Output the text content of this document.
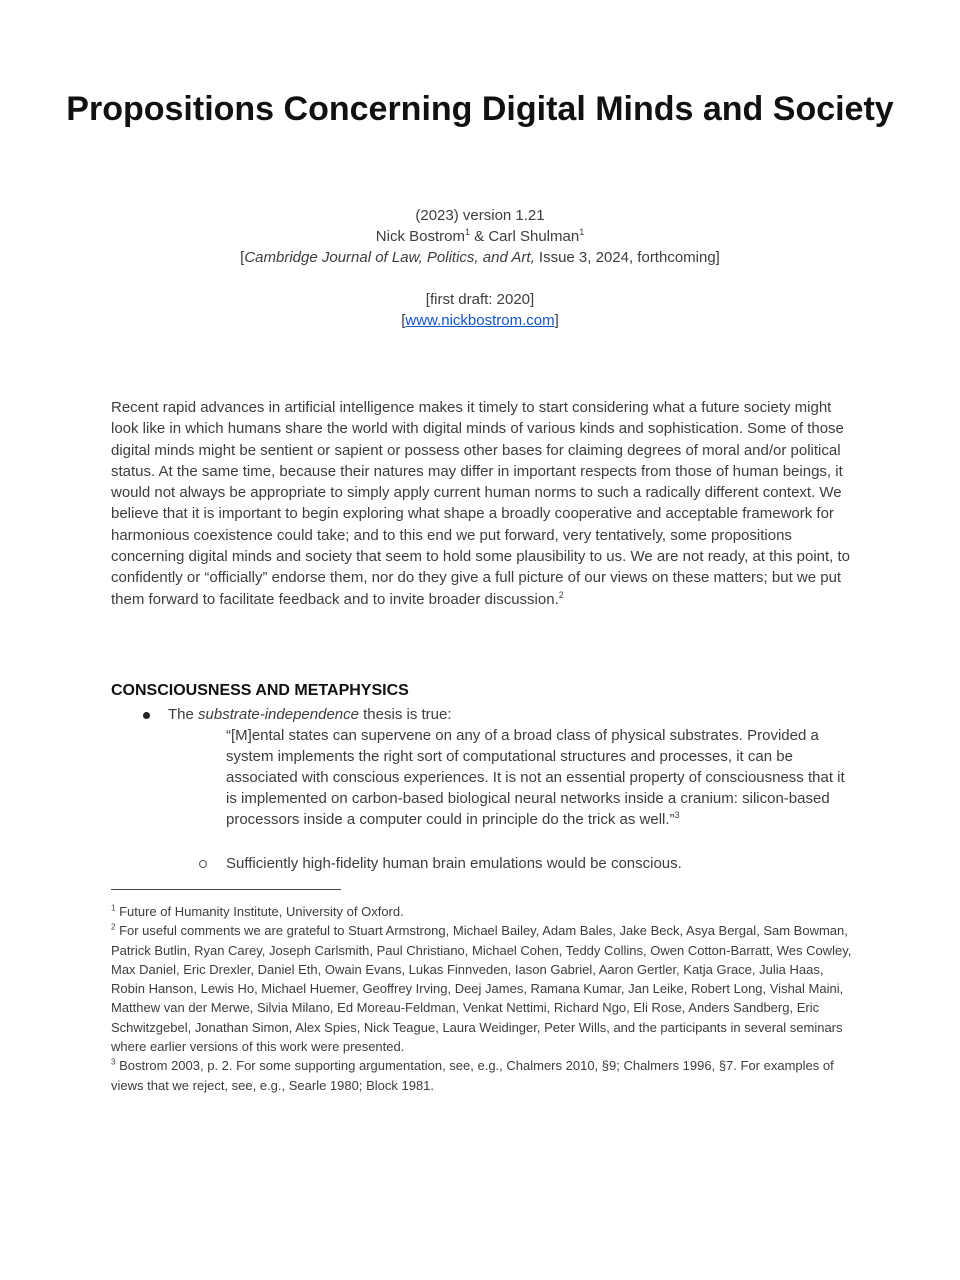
Propositions Concerning Digital Minds and Society
(2023) version 1.21
Nick Bostrom$^1$ & Carl Shulman$^1$
[Cambridge Journal of Law, Politics, and Art, Issue 3, 2024, forthcoming]
[first draft: 2020]
[www.nickbostrom.com]

Recent rapid advances in artificial intelligence makes it timely to start considering what a future society might look like in which humans share the world with digital minds of various kinds and sophistication. Some of those digital minds might be sentient or sapient or possess other bases for claiming degrees of moral and/or political status. At the same time, because their natures may differ in important respects from those of human beings, it would not always be appropriate to simply apply current human norms to such a radically different context. We believe that it is important to begin exploring what shape a broadly cooperative and acceptable framework for harmonious coexistence could take; and to this end we put forward, very tentatively, some propositions concerning digital minds and society that seem to hold some plausibility to us. We are not ready, at this point, to confidently or “officially” endorse them, nor do they give a full picture of our views on these matters; but we put them forward to facilitate feedback and to invite broader discussion.$^2$

CONSCIOUSNESS AND METAPHYSICS
The substrate-independence thesis is true:

“[M]ental states can supervene on any of a broad class of physical substrates. Provided a system implements the right sort of computational structures and processes, it can be associated with conscious experiences. It is not an essential property of consciousness that it is implemented on carbon-based biological neural networks inside a cranium: silicon-based processors inside a computer could in principle do the trick as well.”$^3$

Sufficiently high-fidelity human brain emulations would be conscious.

$^1$ Future of Humanity Institute, University of Oxford.

$^2$ For useful comments we are grateful to Stuart Armstrong, Michael Bailey, Adam Bales, Jake Beck, Asya Bergal, Sam Bowman, Patrick Butlin, Ryan Carey, Joseph Carlsmith, Paul Christiano, Michael Cohen, Teddy Collins, Owen Cotton-Barratt, Wes Cowley, Max Daniel, Eric Drexler, Daniel Eth, Owain Evans, Lukas Finnveden, Iason Gabriel, Aaron Gertler, Katja Grace, Julia Haas, Robin Hanson, Lewis Ho, Michael Huemer, Geoffrey Irving, Deej James, Ramana Kumar, Jan Leike, Robert Long, Vishal Maini, Matthew van der Merwe, Silvia Milano, Ed Moreau-Feldman, Venkat Nettimi, Richard Ngo, Eli Rose, Anders Sandberg, Eric Schwitzgebel, Jonathan Simon, Alex Spies, Nick Teague, Laura Weidinger, Peter Wills, and the participants in several seminars where earlier versions of this work were presented.

$^3$ Bostrom 2003, p. 2. For some supporting argumentation, see, e.g., Chalmers 2010, §9; Chalmers 1996, §7. For examples of views that we reject, see, e.g., Searle 1980; Block 1981.
